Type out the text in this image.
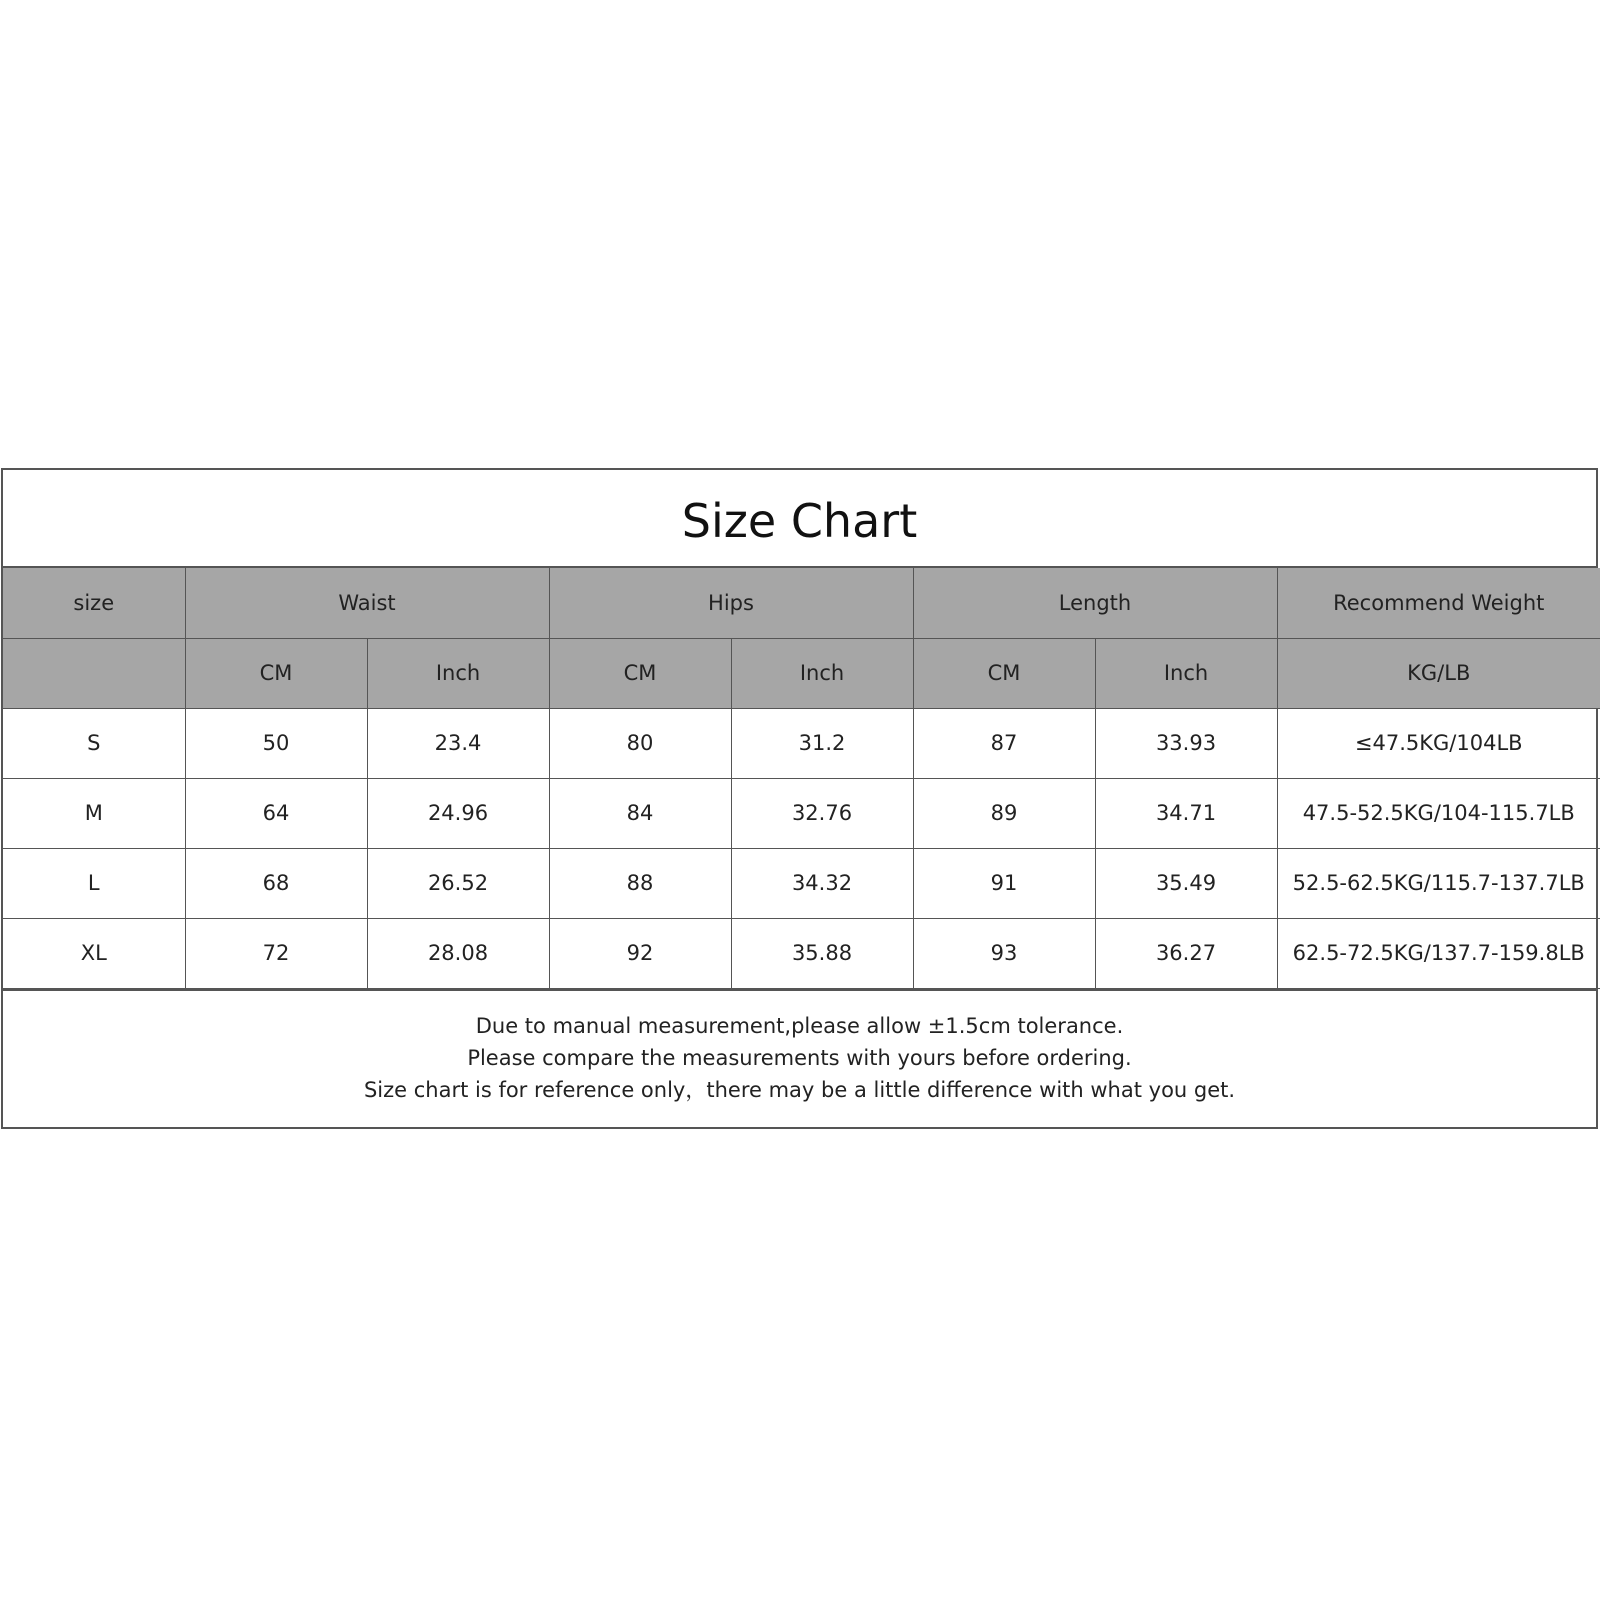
Size Chart
size	Waist		Hips		Length		Recommend Weight
	CM	Inch	CM	Inch	CM	Inch	KG/LB
S	50	23.4	80	31.2	87	33.93	≤47.5KG/104LB
M	64	24.96	84	32.76	89	34.71	47.5-52.5KG/104-115.7LB
L	68	26.52	88	34.32	91	35.49	52.5-62.5KG/115.7-137.7LB
XL	72	28.08	92	35.88	93	36.27	62.5-72.5KG/137.7-159.8LB
Due to manual measurement,please allow ±1.5cm tolerance.
Please compare the measurements with yours before ordering.
Size chart is for reference only，there may be a little difference with what you get.
